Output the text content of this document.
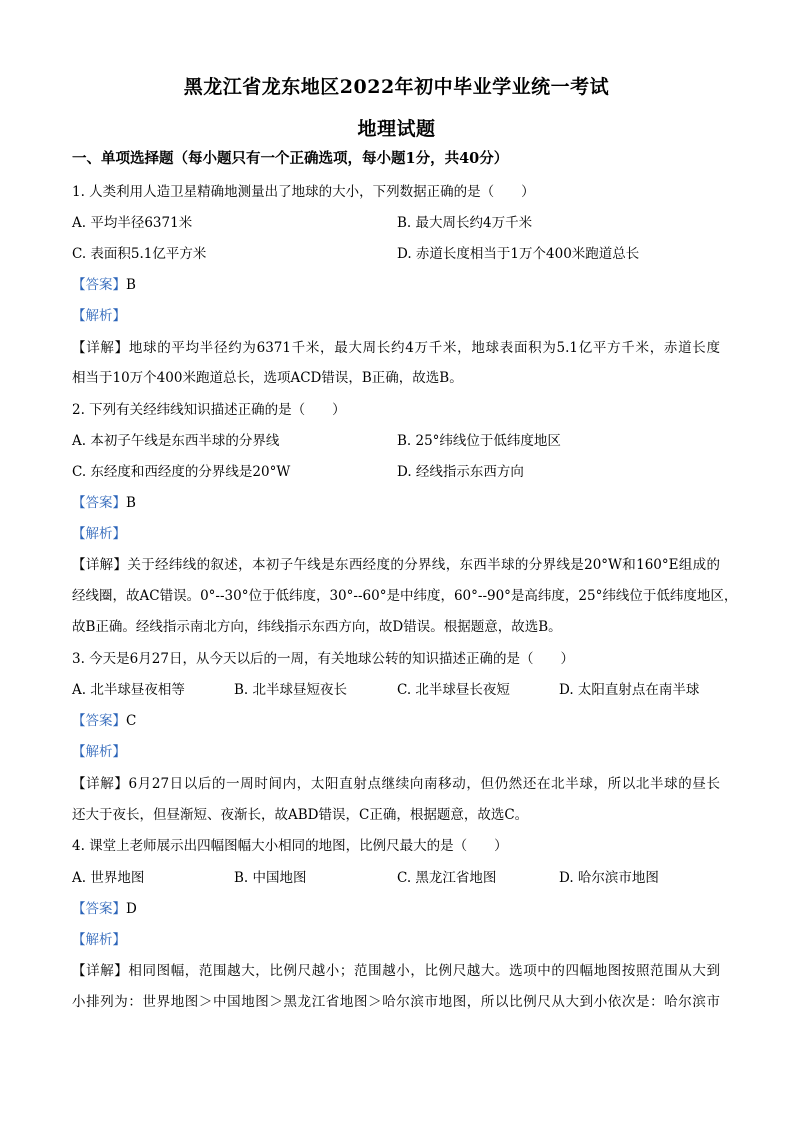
黑龙江省龙东地区2022年初中毕业学业统一考试
地理试题
一、单项选择题（每小题只有一个正确选项，每小题1分，共40分）
1. 人类利用人造卫星精确地测量出了地球的大小，下列数据正确的是（　　）
A. 平均半径6371米	B. 最大周长约4万千米
C. 表面积5.1亿平方米	D. 赤道长度相当于1万个400米跑道总长
【答案】B
【解析】
【详解】地球的平均半径约为6371千米，最大周长约4万千米，地球表面积为5.1亿平方千米，赤道长度
相当于10万个400米跑道总长，选项ACD错误，B正确，故选B。
2. 下列有关经纬线知识描述正确的是（　　）
A. 本初子午线是东西半球的分界线	B. 25°纬线位于低纬度地区
C. 东经度和西经度的分界线是20°W	D. 经线指示东西方向
【答案】B
【解析】
【详解】关于经纬线的叙述，本初子午线是东西经度的分界线，东西半球的分界线是20°W和160°E组成的
经线圈，故AC错误。0°--30°位于低纬度，30°--60°是中纬度，60°--90°是高纬度，25°纬线位于低纬度地区，
故B正确。经线指示南北方向，纬线指示东西方向，故D错误。根据题意，故选B。
3. 今天是6月27日，从今天以后的一周，有关地球公转的知识描述正确的是（　　）
A. 北半球昼夜相等	B. 北半球昼短夜长	C. 北半球昼长夜短	D. 太阳直射点在南半球
【答案】C
【解析】
【详解】6月27日以后的一周时间内，太阳直射点继续向南移动，但仍然还在北半球，所以北半球的昼长
还大于夜长，但昼渐短、夜渐长，故ABD错误，C正确，根据题意，故选C。
4. 课堂上老师展示出四幅图幅大小相同的地图，比例尺最大的是（　　）
A. 世界地图	B. 中国地图	C. 黑龙江省地图	D. 哈尔滨市地图
【答案】D
【解析】
【详解】相同图幅，范围越大，比例尺越小；范围越小，比例尺越大。选项中的四幅地图按照范围从大到
小排列为：世界地图＞中国地图＞黑龙江省地图＞哈尔滨市地图，所以比例尺从大到小依次是：哈尔滨市
